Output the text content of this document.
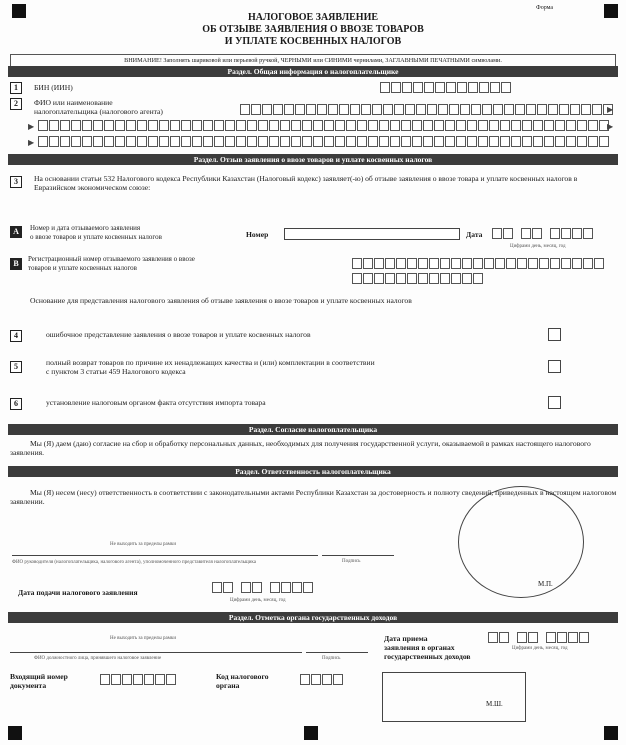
Форма
НАЛОГОВОЕ ЗАЯВЛЕНИЕ
ОБ ОТЗЫВЕ ЗАЯВЛЕНИЯ О ВВОЗЕ ТОВАРОВ
И УПЛАТЕ КОСВЕННЫХ НАЛОГОВ
ВНИМАНИЕ! Заполнять шариковой или перьевой ручкой, ЧЕРНЫМИ или СИНИМИ чернилами, ЗАГЛАВНЫМИ ПЕЧАТНЫМИ символами.
Раздел. Общая информация о налогоплательщике
1	БИН (ИИН)
2	ФИО или наименование
налогоплательщика (налогового агента)	▶
▶	▶
▶
Раздел. Отзыв заявления о ввозе товаров и уплате косвенных налогов
3	На основании статьи 532 Налогового кодекса Республики Казахстан (Налоговый кодекс) заявляет(-ю) об отзыве заявления о ввозе товара и уплате косвенных налогов в Евразийском экономическом союзе:
A	Номер и дата отзываемого заявления
о ввозе товаров и уплате косвенных налогов	Номер	Дата
Цифрами день, месяц, год
B	Регистрационный номер отзываемого заявления о ввозе
товаров и уплате косвенных налогов
Основание для представления налогового заявления об отзыве заявления о ввозе товаров и уплате косвенных налогов
4	ошибочное представление заявления о ввозе товаров и уплате косвенных налогов
5	полный возврат товаров по причине их ненадлежащих качества и (или) комплектации в соответствии
с пунктом 3 статьи 459 Налогового кодекса
6	установление налоговым органом факта отсутствия импорта товара
Раздел. Согласие налогоплательщика
Мы (Я) даем (даю) согласие на сбор и обработку персональных данных, необходимых для получения государственной услуги, оказываемой в рамках настоящего налогового заявления.
Раздел. Ответственность налогоплательщика
Мы (Я) несем (несу) ответственность в соответствии с законодательными актами Республики Казахстан за достоверность и полноту сведений, приведенных в настоящем налоговом заявлении.
Не выходить за пределы рамки
ФИО руководителя (налогоплательщика, налогового агента), уполномоченного представителя налогоплательщика	Подпись
М.П.
Дата подачи налогового заявления
Цифрами день, месяц, год
Раздел. Отметка органа государственных доходов
Не выходить за пределы рамки
ФИО должностного лица, принявшего налоговое заявление	Подпись
Дата приема
заявления в органах
государственных доходов
Цифрами день, месяц, год
Входящий номер
документа
Код налогового
органа
М.Ш.
